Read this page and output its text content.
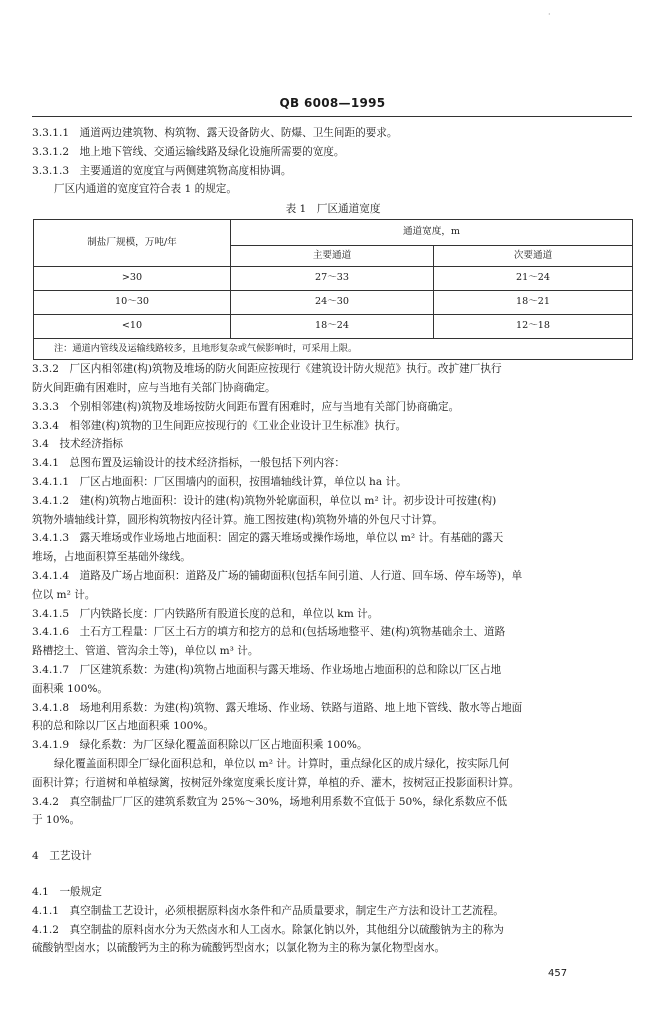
·
QB 6008—1995

3.3.1.1　通道两边建筑物、构筑物、露天设备防火、防爆、卫生间距的要求。

3.3.1.2　地上地下管线、交通运输线路及绿化设施所需要的宽度。

3.3.1.3　主要通道的宽度宜与两侧建筑物高度相协调。

厂区内通道的宽度宜符合表 1 的规定。

表 1　厂区通道宽度

制盐厂规模，万吨/年	通道宽度，m	
	主要通道	次要通道
>30	27～33	21～24
10～30	24～30	18～21
<10	18～24	12～18
注：通道内管线及运输线路较多，且地形复杂或气候影响时，可采用上限。		

3.3.2　厂区内相邻建(构)筑物及堆场的防火间距应按现行《建筑设计防火规范》执行。改扩建厂执行

防火间距确有困难时，应与当地有关部门协商确定。

3.3.3　个别相邻建(构)筑物及堆场按防火间距布置有困难时，应与当地有关部门协商确定。

3.3.4　相邻建(构)筑物的卫生间距应按现行的《工业企业设计卫生标准》执行。

3.4　技术经济指标

3.4.1　总图布置及运输设计的技术经济指标，一般包括下列内容：

3.4.1.1　厂区占地面积：厂区围墙内的面积，按围墙轴线计算，单位以 ha 计。

3.4.1.2　建(构)筑物占地面积：设计的建(构)筑物外轮廓面积，单位以 m² 计。初步设计可按建(构)

筑物外墙轴线计算，圆形构筑物按内径计算。施工图按建(构)筑物外墙的外包尺寸计算。

3.4.1.3　露天堆场或作业场地占地面积：固定的露天堆场或操作场地，单位以 m² 计。有基础的露天

堆场，占地面积算至基础外缘线。

3.4.1.4　道路及广场占地面积：道路及广场的铺砌面积(包括车间引道、人行道、回车场、停车场等)，单

位以 m² 计。

3.4.1.5　厂内铁路长度：厂内铁路所有股道长度的总和，单位以 km 计。

3.4.1.6　土石方工程量：厂区土石方的填方和挖方的总和(包括场地整平、建(构)筑物基础余土、道路

路槽挖土、管道、管沟余土等)，单位以 m³ 计。

3.4.1.7　厂区建筑系数：为建(构)筑物占地面积与露天堆场、作业场地占地面积的总和除以厂区占地

面积乘 100%。

3.4.1.8　场地利用系数：为建(构)筑物、露天堆场、作业场、铁路与道路、地上地下管线、散水等占地面

积的总和除以厂区占地面积乘 100%。

3.4.1.9　绿化系数：为厂区绿化覆盖面积除以厂区占地面积乘 100%。

绿化覆盖面积即全厂绿化面积总和，单位以 m² 计。计算时，重点绿化区的成片绿化，按实际几何

面积计算；行道树和单植绿篱，按树冠外缘宽度乘长度计算，单植的乔、灌木，按树冠正投影面积计算。

3.4.2　真空制盐厂厂区的建筑系数宜为 25%～30%，场地利用系数不宜低于 50%，绿化系数应不低

于 10%。

4　工艺设计

4.1　一般规定

4.1.1　真空制盐工艺设计，必须根据原料卤水条件和产品质量要求，制定生产方法和设计工艺流程。

4.1.2　真空制盐的原料卤水分为天然卤水和人工卤水。除氯化钠以外，其他组分以硫酸钠为主的称为

硫酸钠型卤水；以硫酸钙为主的称为硫酸钙型卤水；以氯化物为主的称为氯化物型卤水。

457
